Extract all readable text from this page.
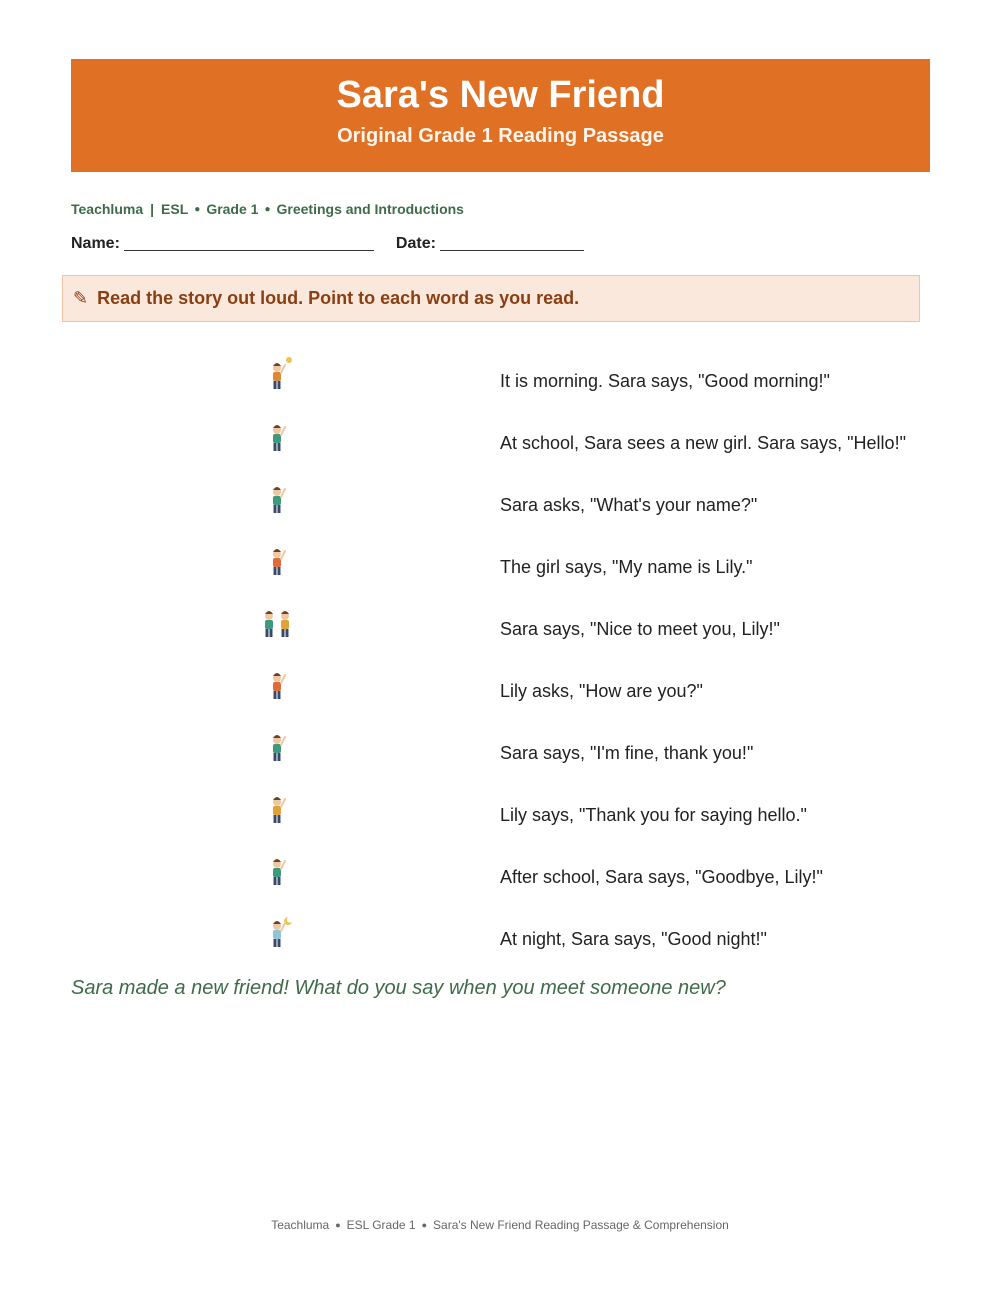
Sara's New Friend
Original Grade 1 Reading Passage
Teachluma | ESL ● Grade 1 ● Greetings and Introductions
Name:	Date:
✎ Read the story out loud. Point to each word as you read.
It is morning. Sara says, "Good morning!"
At school, Sara sees a new girl. Sara says, "Hello!"
Sara asks, "What's your name?"
The girl says, "My name is Lily."
Sara says, "Nice to meet you, Lily!"
Lily asks, "How are you?"
Sara says, "I'm fine, thank you!"
Lily says, "Thank you for saying hello."
After school, Sara says, "Goodbye, Lily!"
At night, Sara says, "Good night!"
Sara made a new friend! What do you say when you meet someone new?
Teachluma ● ESL Grade 1 ● Sara's New Friend Reading Passage & Comprehension
